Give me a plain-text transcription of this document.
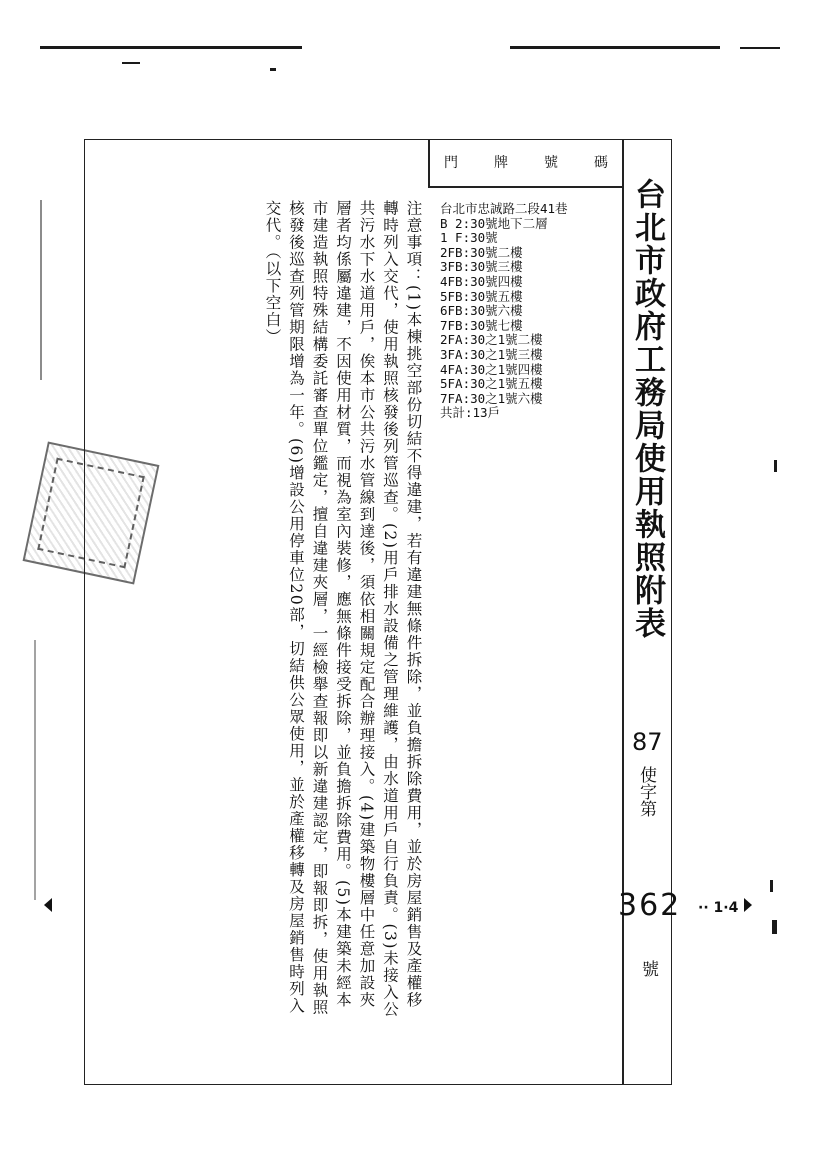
台北市政府工務局使用執照附表
門牌號碼
台北市忠誠路二段41巷
B 2:30號地下二層
1 F:30號
2FB:30號二樓
3FB:30號三樓
4FB:30號四樓
5FB:30號五樓
6FB:30號六樓
7FB:30號七樓
2FA:30之1號二樓
3FA:30之1號三樓
4FA:30之1號四樓
5FA:30之1號五樓
7FA:30之1號六樓
共計:13戶

注意事項：

(1)本棟挑空部份切結不得違建，若有違建無條件拆除，並負擔拆除費用，並於房屋銷售及產權移轉時列入交代，使用執照核發後列管巡查。(2)用戶排水設備之管理維護，由水道用戶自行負責。(3)未接入公共污水下水道用戶，俟本市公共污水管線到達後，須依相關規定配合辦理接入。(4)建築物樓層中任意加設夾層者均係屬違建，不因使用材質，而視為室內裝修，應無條件接受拆除，並負擔拆除費用。(5)本建築未經本市建造執照特殊結構委託審查單位鑑定，擅自違建夾層，一經檢舉查報即以新違建認定，即報即拆，使用執照核發後巡查列管期限增為一年。(6)增設公用停車位20部，切結供公眾使用，並於產權移轉及房屋銷售時列入交代。（以下空白）

87
使字第
362 ·· 1·4 '
號
